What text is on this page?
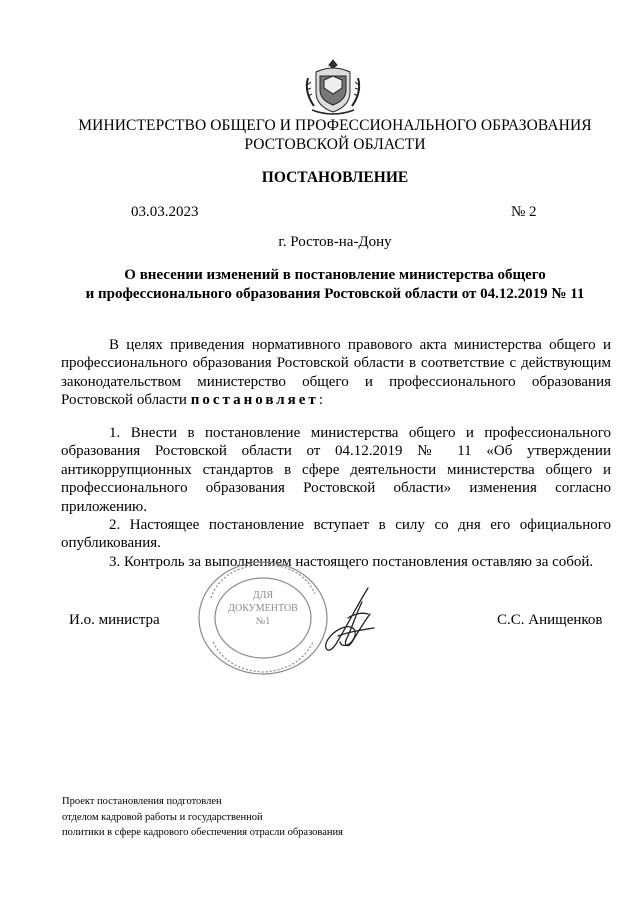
МИНИСТЕРСТВО ОБЩЕГО И ПРОФЕССИОНАЛЬНОГО ОБРАЗОВАНИЯ
РОСТОВСКОЙ ОБЛАСТИ
ПОСТАНОВЛЕНИЕ
03.03.2023	№ 2
г. Ростов-на-Дону
О внесении изменений в постановление министерства общего
и профессионального образования Ростовской области от 04.12.2019 № 11

В целях приведения нормативного правового акта министерства общего и профессионального образования Ростовской области в соответствие с действующим законодательством министерство общего и профессионального образования Ростовской области постановляет:

1. Внести в постановление министерства общего и профессионального образования Ростовской области от 04.12.2019 № 11 «Об утверждении антикоррупционных стандартов в сфере деятельности министерства общего и профессионального образования Ростовской области» изменения согласно приложению.

2. Настоящее постановление вступает в силу со дня его официального опубликования.

3. Контроль за выполнением настоящего постановления оставляю за собой.

ДЛЯ
ДОКУМЕНТОВ
№1
И.о. министра	С.С. Анищенков
Проект постановления подготовлен
отделом кадровой работы и государственной
политики в сфере кадрового обеспечения отрасли образования
